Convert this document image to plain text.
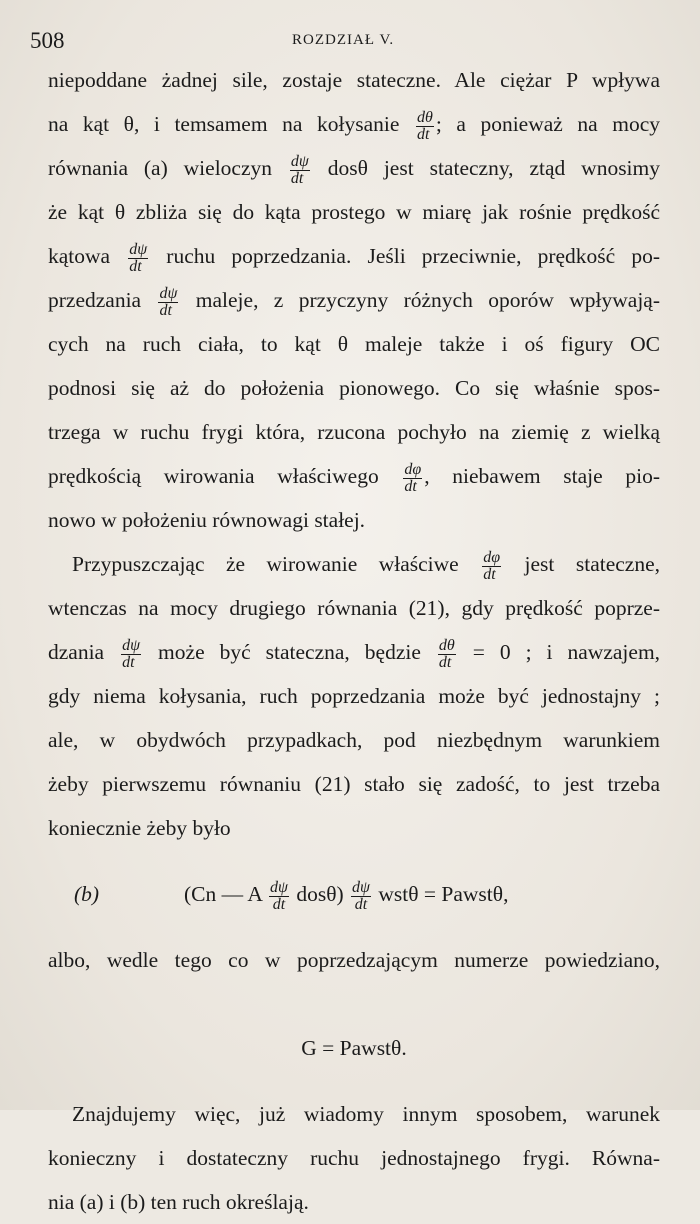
508	ROZDZIAŁ V.
niepoddane żadnej sile, zostaje stateczne. Ale ciężar P wpływa
na kąt θ, i temsamem na kołysanie $\frac{d\theta}{dt}$ ; a ponieważ na mocy
równania (a) wieloczyn $\frac{d\psi}{dt}$ dosθ jest stateczny, ztąd wnosimy
że kąt θ zbliża się do kąta prostego w miarę jak rośnie prędkość
kątowa $\frac{d\psi}{dt}$ ruchu poprzedzania. Jeśli przeciwnie, prędkość po-
przedzania $\frac{d\psi}{dt}$ maleje, z przyczyny różnych oporów wpływają-
cych na ruch ciała, to kąt θ maleje także i oś figury OC
podnosi się aż do położenia pionowego. Co się właśnie spos-
trzega w ruchu frygi która, rzucona pochyło na ziemię z wielką
prędkością wirowania właściwego $\frac{d\varphi}{dt}$ , niebawem staje pio-
nowo w położeniu równowagi stałej.
Przypuszczając że wirowanie właściwe $\frac{d\varphi}{dt}$ jest stateczne,
wtenczas na mocy drugiego równania (21), gdy prędkość poprze-
dzania $\frac{d\psi}{dt}$ może być stateczna, będzie $\frac{d\theta}{dt} = 0$ ; i nawzajem,
gdy niema kołysania, ruch poprzedzania może być jednostajny ;
ale, w obydwóch przypadkach, pod niezbędnym warunkiem
żeby pierwszemu równaniu (21) stało się zadość, to jest trzeba
koniecznie żeby było
(b)	(Cn — A $\frac{d\psi}{dt} dos\theta) \frac{d\psi}{dt}$ wstθ = Pawstθ,
albo, wedle tego co w poprzedzającym numerze powiedziano,
G = Pawstθ.
Znajdujemy więc, już wiadomy innym sposobem, warunek
konieczny i dostateczny ruchu jednostajnego frygi. Równa-
nia (a) i (b) ten ruch określają.
